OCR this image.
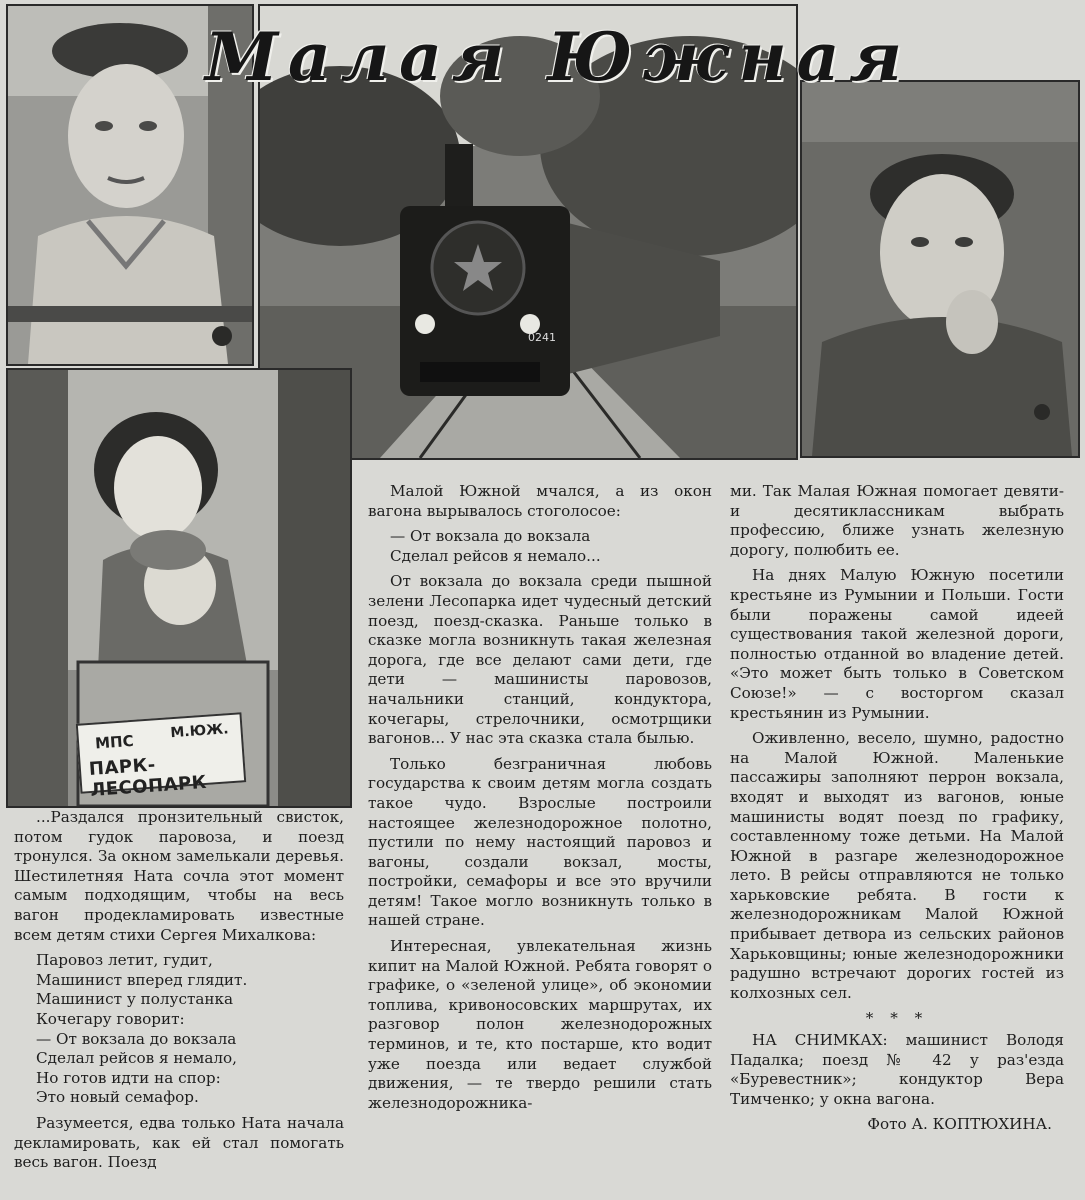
0241
Малая Южная
МПС
М.ЮЖ.
ПАРК-ЛЕСОПАРК

...Раздался пронзительный свисток, потом гудок паровоза, и поезд тронулся. За окном замелькали деревья. Шестилетняя Ната сочла этот момент самым подходящим, чтобы на весь вагон продекламировать известные всем детям стихи Сергея Михалкова:

Паровоз летит, гудит,
Машинист вперед глядит.
Машинист у полустанка
Кочегару говорит:
— От вокзала до вокзала
Сделал рейсов я немало,
Но готов идти на спор:
Это новый семафор.

Разумеется, едва только Ната начала декламировать, как ей стал помогать весь вагон. Поезд

Малой Южной мчался, а из окон вагона вырывалось стоголосое:

— От вокзала до вокзала
Сделал рейсов я немало...

От вокзала до вокзала среди пышной зелени Лесопарка идет чудесный детский поезд, поезд-сказка. Раньше только в сказке могла возникнуть такая железная дорога, где все делают сами дети, где дети — машинисты паровозов, начальники станций, кондуктора, кочегары, стрелочники, осмотрщики вагонов... У нас эта сказка стала былью.

Только безграничная любовь государства к своим детям могла создать такое чудо. Взрослые построили настоящее железнодорожное полотно, пустили по нему настоящий паровоз и вагоны, создали вокзал, мосты, постройки, семафоры и все это вручили детям! Такое могло возникнуть только в нашей стране.

Интересная, увлекательная жизнь кипит на Малой Южной. Ребята говорят о графике, о «зеленой улице», об экономии топлива, кривоносовских маршрутах, их разговор полон железнодорожных терминов, и те, кто постарше, кто водит уже поезда или ведает службой движения, — те твердо решили стать железнодорожника-

ми. Так Малая Южная помогает девяти-и десятиклассникам выбрать профессию, ближе узнать железную дорогу, полюбить ее.

На днях Малую Южную посетили крестьяне из Румынии и Польши. Гости были поражены самой идеей существования такой железной дороги, полностью отданной во владение детей. «Это может быть только в Советском Союзе!» — с восторгом сказал крестьянин из Румынии.

Оживленно, весело, шумно, радостно на Малой Южной. Маленькие пассажиры заполняют перрон вокзала, входят и выходят из вагонов, юные машинисты водят поезд по графику, составленному тоже детьми. На Малой Южной в разгаре железнодорожное лето. В рейсы отправляются не только харьковские ребята. В гости к железнодорожникам Малой Южной прибывает детвора из сельских районов Харьковщины; юные железнодорожники радушно встречают дорогих гостей из колхозных сел.

* * *

НА СНИМКАХ: машинист Володя Падалка; поезд № 42 у раз'езда «Буревестник»; кондуктор Вера Тимченко; у окна вагона.

Фото А. КОПТЮХИНА.
